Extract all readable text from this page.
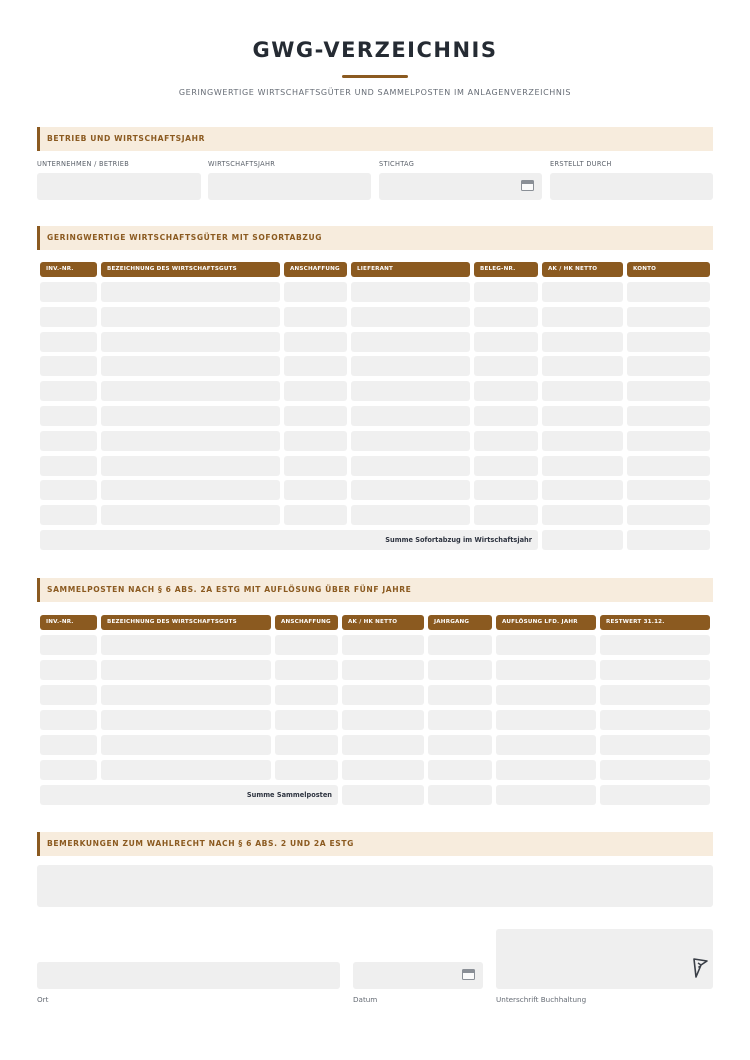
GWG-VERZEICHNIS
GERINGWERTIGE WIRTSCHAFTSGÜTER UND SAMMELPOSTEN IM ANLAGENVERZEICHNIS
BETRIEB UND WIRTSCHAFTSJAHR
UNTERNEHMEN / BETRIEB	WIRTSCHAFTSJAHR	STICHTAG	ERSTELLT DURCH
GERINGWERTIGE WIRTSCHAFTSGÜTER MIT SOFORTABZUG
INV.-NR.	BEZEICHNUNG DES WIRTSCHAFTSGUTS	ANSCHAFFUNG	LIEFERANT	BELEG-NR.	AK / HK NETTO	KONTO
Summe Sofortabzug im Wirtschaftsjahr
SAMMELPOSTEN NACH § 6 ABS. 2A ESTG MIT AUFLÖSUNG ÜBER FÜNF JAHRE
INV.-NR.	BEZEICHNUNG DES WIRTSCHAFTSGUTS	ANSCHAFFUNG	AK / HK NETTO	JAHRGANG	AUFLÖSUNG LFD. JAHR	RESTWERT 31.12.
Summe Sammelposten
BEMERKUNGEN ZUM WAHLRECHT NACH § 6 ABS. 2 UND 2A ESTG
Ort	Datum	Unterschrift Buchhaltung
